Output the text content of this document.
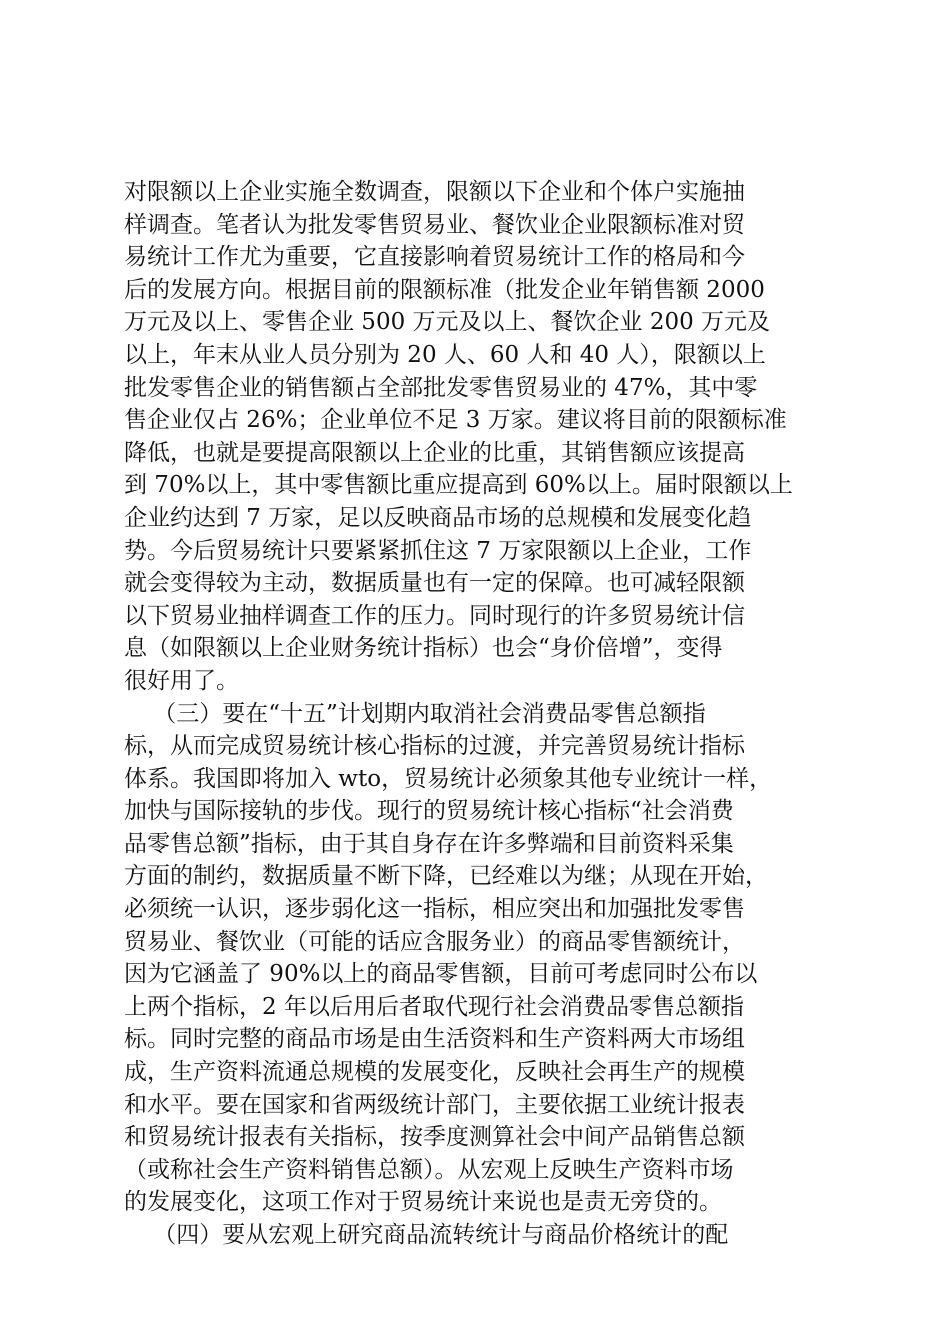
对限额以上企业实施全数调查，限额以下企业和个体户实施抽
样调查。笔者认为批发零售贸易业、餐饮业企业限额标准对贸
易统计工作尤为重要，它直接影响着贸易统计工作的格局和今
后的发展方向。根据目前的限额标准（批发企业年销售额 2000
万元及以上、零售企业 500 万元及以上、餐饮企业 200 万元及
以上，年末从业人员分别为 20 人、60 人和 40 人），限额以上
批发零售企业的销售额占全部批发零售贸易业的 47%，其中零
售企业仅占 26%；企业单位不足 3 万家。建议将目前的限额标准
降低，也就是要提高限额以上企业的比重，其销售额应该提高
到 70%以上，其中零售额比重应提高到 60%以上。届时限额以上
企业约达到 7 万家，足以反映商品市场的总规模和发展变化趋
势。今后贸易统计只要紧紧抓住这 7 万家限额以上企业，工作
就会变得较为主动，数据质量也有一定的保障。也可减轻限额
以下贸易业抽样调查工作的压力。同时现行的许多贸易统计信
息（如限额以上企业财务统计指标）也会“身价倍增”，变得
很好用了。
（三）要在“十五”计划期内取消社会消费品零售总额指
标，从而完成贸易统计核心指标的过渡，并完善贸易统计指标
体系。我国即将加入 wto，贸易统计必须象其他专业统计一样，
加快与国际接轨的步伐。现行的贸易统计核心指标“社会消费
品零售总额”指标，由于其自身存在许多弊端和目前资料采集
方面的制约，数据质量不断下降，已经难以为继；从现在开始，
必须统一认识，逐步弱化这一指标，相应突出和加强批发零售
贸易业、餐饮业（可能的话应含服务业）的商品零售额统计，
因为它涵盖了 90%以上的商品零售额，目前可考虑同时公布以
上两个指标，2 年以后用后者取代现行社会消费品零售总额指
标。同时完整的商品市场是由生活资料和生产资料两大市场组
成，生产资料流通总规模的发展变化，反映社会再生产的规模
和水平。要在国家和省两级统计部门，主要依据工业统计报表
和贸易统计报表有关指标，按季度测算社会中间产品销售总额
（或称社会生产资料销售总额）。从宏观上反映生产资料市场
的发展变化，这项工作对于贸易统计来说也是责无旁贷的。
（四）要从宏观上研究商品流转统计与商品价格统计的配
